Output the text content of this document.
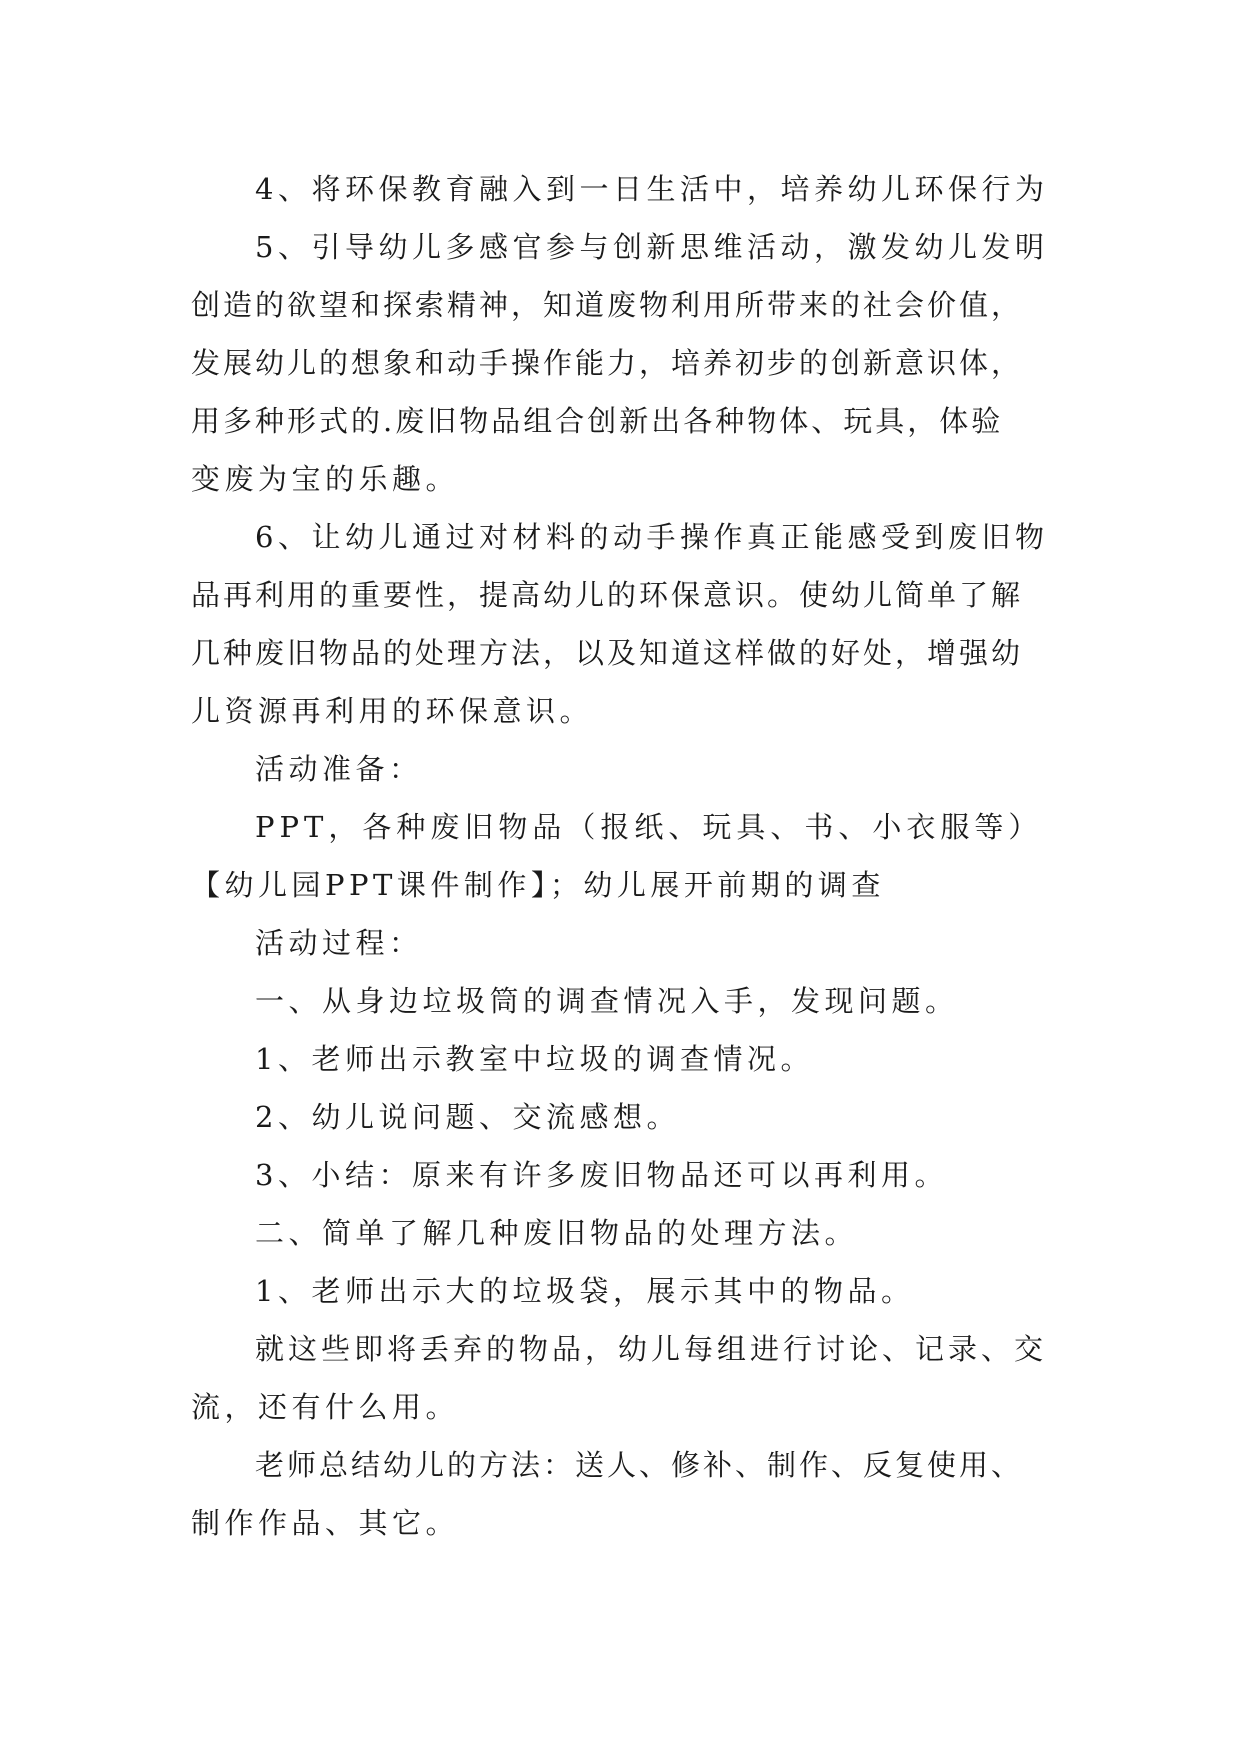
4、将环保教育融入到一日生活中，培养幼儿环保行为
5、引导幼儿多感官参与创新思维活动，激发幼儿发明
创造的欲望和探索精神，知道废物利用所带来的社会价值，
发展幼儿的想象和动手操作能力，培养初步的创新意识体，
用多种形式的.废旧物品组合创新出各种物体、玩具，体验
变废为宝的乐趣。
6、让幼儿通过对材料的动手操作真正能感受到废旧物
品再利用的重要性，提高幼儿的环保意识。使幼儿简单了解
几种废旧物品的处理方法，以及知道这样做的好处，增强幼
儿资源再利用的环保意识。
活动准备：
PPT，各种废旧物品（报纸、玩具、书、小衣服等）
【幼儿园PPT课件制作】；幼儿展开前期的调查
活动过程：
一、从身边垃圾筒的调查情况入手，发现问题。
1、老师出示教室中垃圾的调查情况。
2、幼儿说问题、交流感想。
3、小结：原来有许多废旧物品还可以再利用。
二、简单了解几种废旧物品的处理方法。
1、老师出示大的垃圾袋，展示其中的物品。
就这些即将丢弃的物品，幼儿每组进行讨论、记录、交
流，还有什么用。
老师总结幼儿的方法：送人、修补、制作、反复使用、
制作作品、其它。
